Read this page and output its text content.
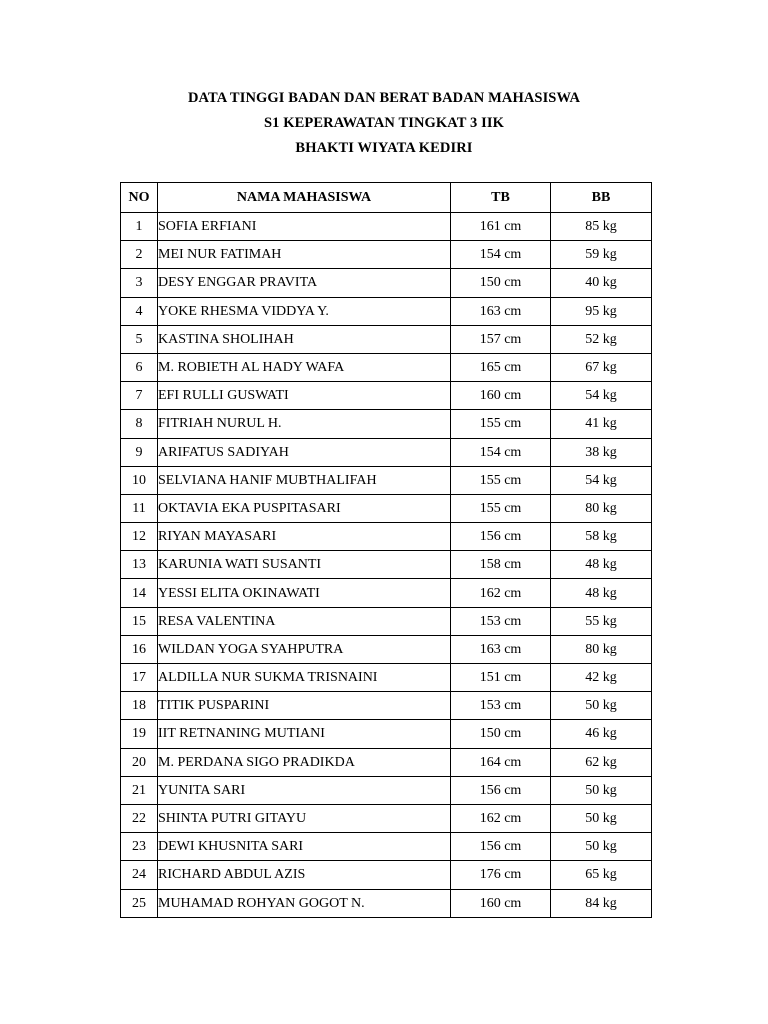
DATA TINGGI BADAN DAN BERAT BADAN MAHASISWA
S1 KEPERAWATAN TINGKAT 3 IIK
BHAKTI WIYATA KEDIRI
NO	NAMA MAHASISWA	TB	BB
1	SOFIA ERFIANI	161 cm	85 kg
2	MEI NUR FATIMAH	154 cm	59 kg
3	DESY ENGGAR PRAVITA	150 cm	40 kg
4	YOKE RHESMA VIDDYA Y.	163 cm	95 kg
5	KASTINA SHOLIHAH	157 cm	52 kg
6	M. ROBIETH AL HADY WAFA	165 cm	67 kg
7	EFI RULLI GUSWATI	160 cm	54 kg
8	FITRIAH NURUL H.	155 cm	41 kg
9	ARIFATUS SADIYAH	154 cm	38 kg
10	SELVIANA HANIF MUBTHALIFAH	155 cm	54 kg
11	OKTAVIA EKA PUSPITASARI	155 cm	80 kg
12	RIYAN MAYASARI	156 cm	58 kg
13	KARUNIA WATI SUSANTI	158 cm	48 kg
14	YESSI ELITA OKINAWATI	162 cm	48 kg
15	RESA VALENTINA	153 cm	55 kg
16	WILDAN YOGA SYAHPUTRA	163 cm	80 kg
17	ALDILLA NUR SUKMA TRISNAINI	151 cm	42 kg
18	TITIK PUSPARINI	153 cm	50 kg
19	IIT RETNANING MUTIANI	150 cm	46 kg
20	M. PERDANA SIGO PRADIKDA	164 cm	62 kg
21	YUNITA SARI	156 cm	50 kg
22	SHINTA PUTRI GITAYU	162 cm	50 kg
23	DEWI KHUSNITA SARI	156 cm	50 kg
24	RICHARD ABDUL AZIS	176 cm	65 kg
25	MUHAMAD ROHYAN GOGOT N.	160 cm	84 kg
